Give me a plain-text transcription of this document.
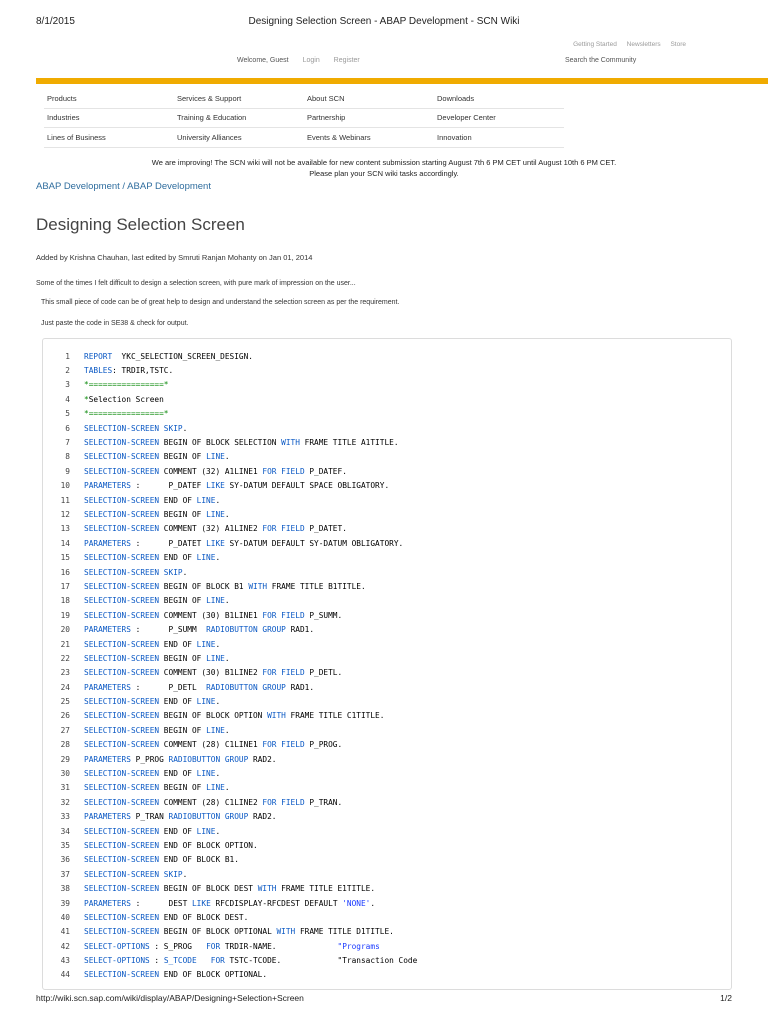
8/1/2015	Designing Selection Screen - ABAP Development - SCN Wiki
Getting Started Newsletters Store
Welcome, Guest Login Register	Search the Community
Products	Services & Support	About SCN	Downloads
Industries	Training & Education	Partnership	Developer Center
Lines of Business	University Alliances	Events & Webinars	Innovation
We are improving! The SCN wiki will not be available for new content submission starting August 7th 6 PM CET until August 10th 6 PM CET.
Please plan your SCN wiki tasks accordingly.
ABAP Development / ABAP Development
Designing Selection Screen
Added by Krishna Chauhan, last edited by Smruti Ranjan Mohanty on Jan 01, 2014
Some of the times I felt difficult to design a selection screen, with pure mark of impression on the user...
This small piece of code can be of great help to design and understand the selection screen as per the requirement.
Just paste the code in SE38 & check for output.
1	REPORT  YKC_SELECTION_SCREEN_DESIGN.
2	TABLES: TRDIR,TSTC.
3	*================*
4	*Selection Screen
5	*================*
6	SELECTION-SCREEN SKIP.
7	SELECTION-SCREEN BEGIN OF BLOCK SELECTION WITH FRAME TITLE A1TITLE.
8	SELECTION-SCREEN BEGIN OF LINE.
9	SELECTION-SCREEN COMMENT (32) A1LINE1 FOR FIELD P_DATEF.
10	PARAMETERS :      P_DATEF LIKE SY-DATUM DEFAULT SPACE OBLIGATORY.
11	SELECTION-SCREEN END OF LINE.
12	SELECTION-SCREEN BEGIN OF LINE.
13	SELECTION-SCREEN COMMENT (32) A1LINE2 FOR FIELD P_DATET.
14	PARAMETERS :      P_DATET LIKE SY-DATUM DEFAULT SY-DATUM OBLIGATORY.
15	SELECTION-SCREEN END OF LINE.
16	SELECTION-SCREEN SKIP.
17	SELECTION-SCREEN BEGIN OF BLOCK B1 WITH FRAME TITLE B1TITLE.
18	SELECTION-SCREEN BEGIN OF LINE.
19	SELECTION-SCREEN COMMENT (30) B1LINE1 FOR FIELD P_SUMM.
20	PARAMETERS :      P_SUMM  RADIOBUTTON GROUP RAD1.
21	SELECTION-SCREEN END OF LINE.
22	SELECTION-SCREEN BEGIN OF LINE.
23	SELECTION-SCREEN COMMENT (30) B1LINE2 FOR FIELD P_DETL.
24	PARAMETERS :      P_DETL  RADIOBUTTON GROUP RAD1.
25	SELECTION-SCREEN END OF LINE.
26	SELECTION-SCREEN BEGIN OF BLOCK OPTION WITH FRAME TITLE C1TITLE.
27	SELECTION-SCREEN BEGIN OF LINE.
28	SELECTION-SCREEN COMMENT (28) C1LINE1 FOR FIELD P_PROG.
29	PARAMETERS P_PROG RADIOBUTTON GROUP RAD2.
30	SELECTION-SCREEN END OF LINE.
31	SELECTION-SCREEN BEGIN OF LINE.
32	SELECTION-SCREEN COMMENT (28) C1LINE2 FOR FIELD P_TRAN.
33	PARAMETERS P_TRAN RADIOBUTTON GROUP RAD2.
34	SELECTION-SCREEN END OF LINE.
35	SELECTION-SCREEN END OF BLOCK OPTION.
36	SELECTION-SCREEN END OF BLOCK B1.
37	SELECTION-SCREEN SKIP.
38	SELECTION-SCREEN BEGIN OF BLOCK DEST WITH FRAME TITLE E1TITLE.
39	PARAMETERS :      DEST LIKE RFCDISPLAY-RFCDEST DEFAULT 'NONE'.
40	SELECTION-SCREEN END OF BLOCK DEST.
41	SELECTION-SCREEN BEGIN OF BLOCK OPTIONAL WITH FRAME TITLE D1TITLE.
42	SELECT-OPTIONS : S_PROG   FOR TRDIR-NAME.             "Programs
43	SELECT-OPTIONS : S_TCODE FOR TSTC-TCODE.            "Transaction Code
44	SELECTION-SCREEN END OF BLOCK OPTIONAL.
http://wiki.scn.sap.com/wiki/display/ABAP/Designing+Selection+Screen	1/2
